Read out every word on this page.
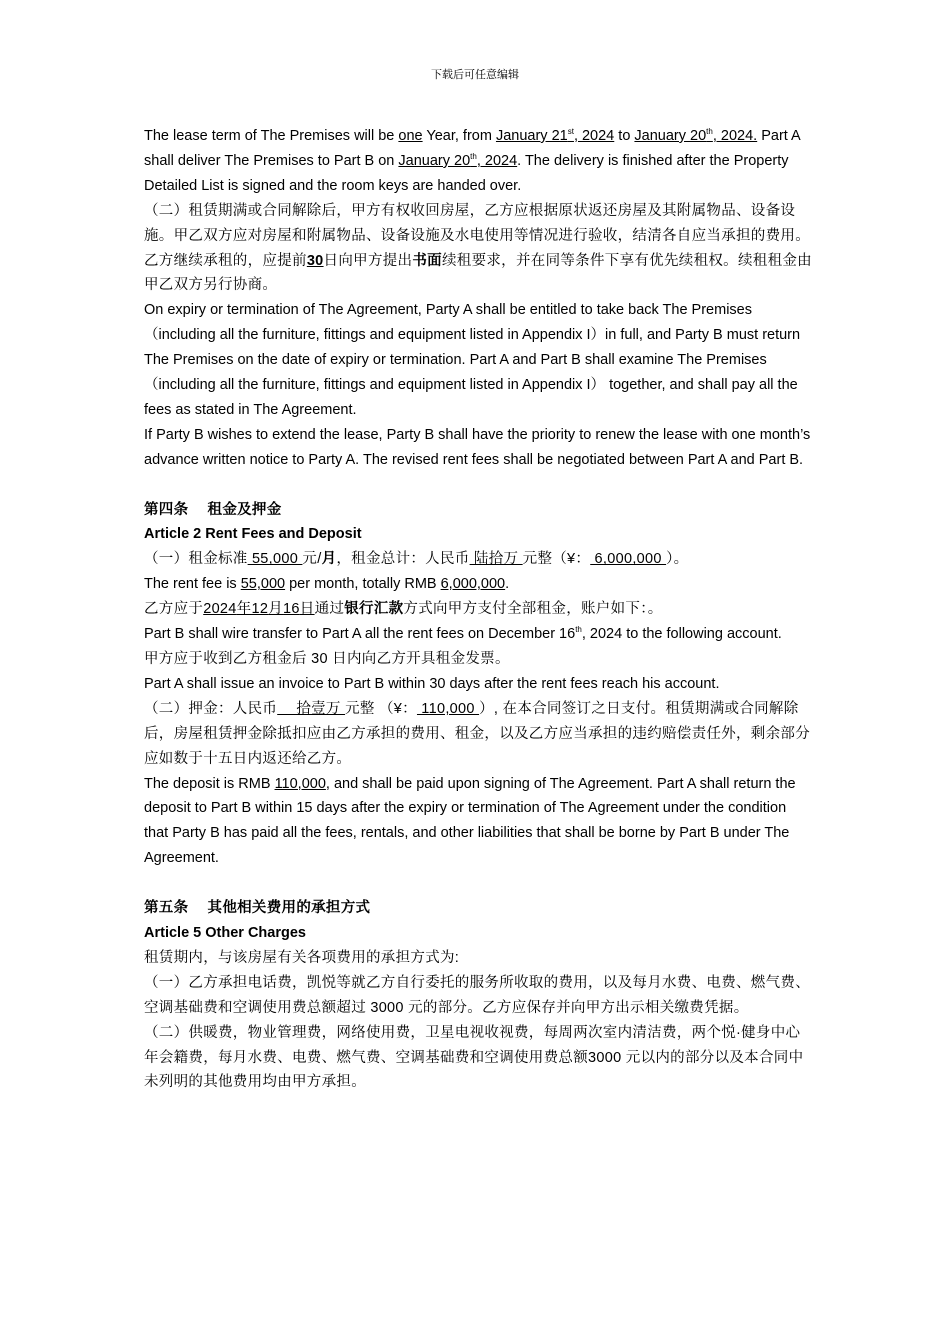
下载后可任意编辑

The lease term of The Premises will be one Year, from January 21st, 2024 to January 20th, 2024. Part A shall deliver The Premises to Part B on January 20th, 2024. The delivery is finished after the Property Detailed List is signed and the room keys are handed over.

（二）租赁期满或合同解除后，甲方有权收回房屋，乙方应根据原状返还房屋及其附属物品、设备设施。甲乙双方应对房屋和附属物品、设备设施及水电使用等情况进行验收，结清各自应当承担的费用。

乙方继续承租的，应提前30日向甲方提出书面续租要求，并在同等条件下享有优先续租权。续租租金由甲乙双方另行协商。

On expiry or termination of The Agreement, Party A shall be entitled to take back The Premises （including all the furniture, fittings and equipment listed in Appendix I）in full, and Party B must return The Premises on the date of expiry or termination. Part A and Part B shall examine The Premises （including all the furniture, fittings and equipment listed in Appendix I） together, and shall pay all the fees as stated in The Agreement.

If Party B wishes to extend the lease, Party B shall have the priority to renew the lease with one month’s advance written notice to Party A. The revised rent fees shall be negotiated between Part A and Part B.

第四条　 租金及押金

Article 2 Rent Fees and Deposit

（一）租金标准 55,000 元/月，租金总计：人民币 陆拾万 元整（¥： 6,000,000 ）。

The rent fee is 55,000 per month, totally RMB 6,000,000.

乙方应于2024年12月16日通过银行汇款方式向甲方支付全部租金，账户如下：。

Part B shall wire transfer to Part A all the rent fees on December 16th, 2024 to the following account.

甲方应于收到乙方租金后 30 日内向乙方开具租金发票。

Part A shall issue an invoice to Part B within 30 days after the rent fees reach his account.

（二）押金：人民币　 拾壹万 元整 （¥： 110,000 ）, 在本合同签订之日支付。租赁期满或合同解除后，房屋租赁押金除抵扣应由乙方承担的费用、租金，以及乙方应当承担的违约赔偿责任外，剩余部分应如数于十五日内返还给乙方。

The deposit is RMB 110,000, and shall be paid upon signing of The Agreement. Part A shall return the deposit to Part B within 15 days after the expiry or termination of The Agreement under the condition that Party B has paid all the fees, rentals, and other liabilities that shall be borne by Part B under The Agreement.

第五条　 其他相关费用的承担方式

Article 5 Other Charges

租赁期内，与该房屋有关各项费用的承担方式为:

（一）乙方承担电话费，凯悦等就乙方自行委托的服务所收取的费用，以及每月水费、电费、燃气费、空调基础费和空调使用费总额超过 3000 元的部分。乙方应保存并向甲方出示相关缴费凭据。

（二）供暖费，物业管理费，网络使用费，卫星电视收视费，每周两次室内清洁费，两个悦·健身中心年会籍费，每月水费、电费、燃气费、空调基础费和空调使用费总额3000 元以内的部分以及本合同中未列明的其他费用均由甲方承担。
